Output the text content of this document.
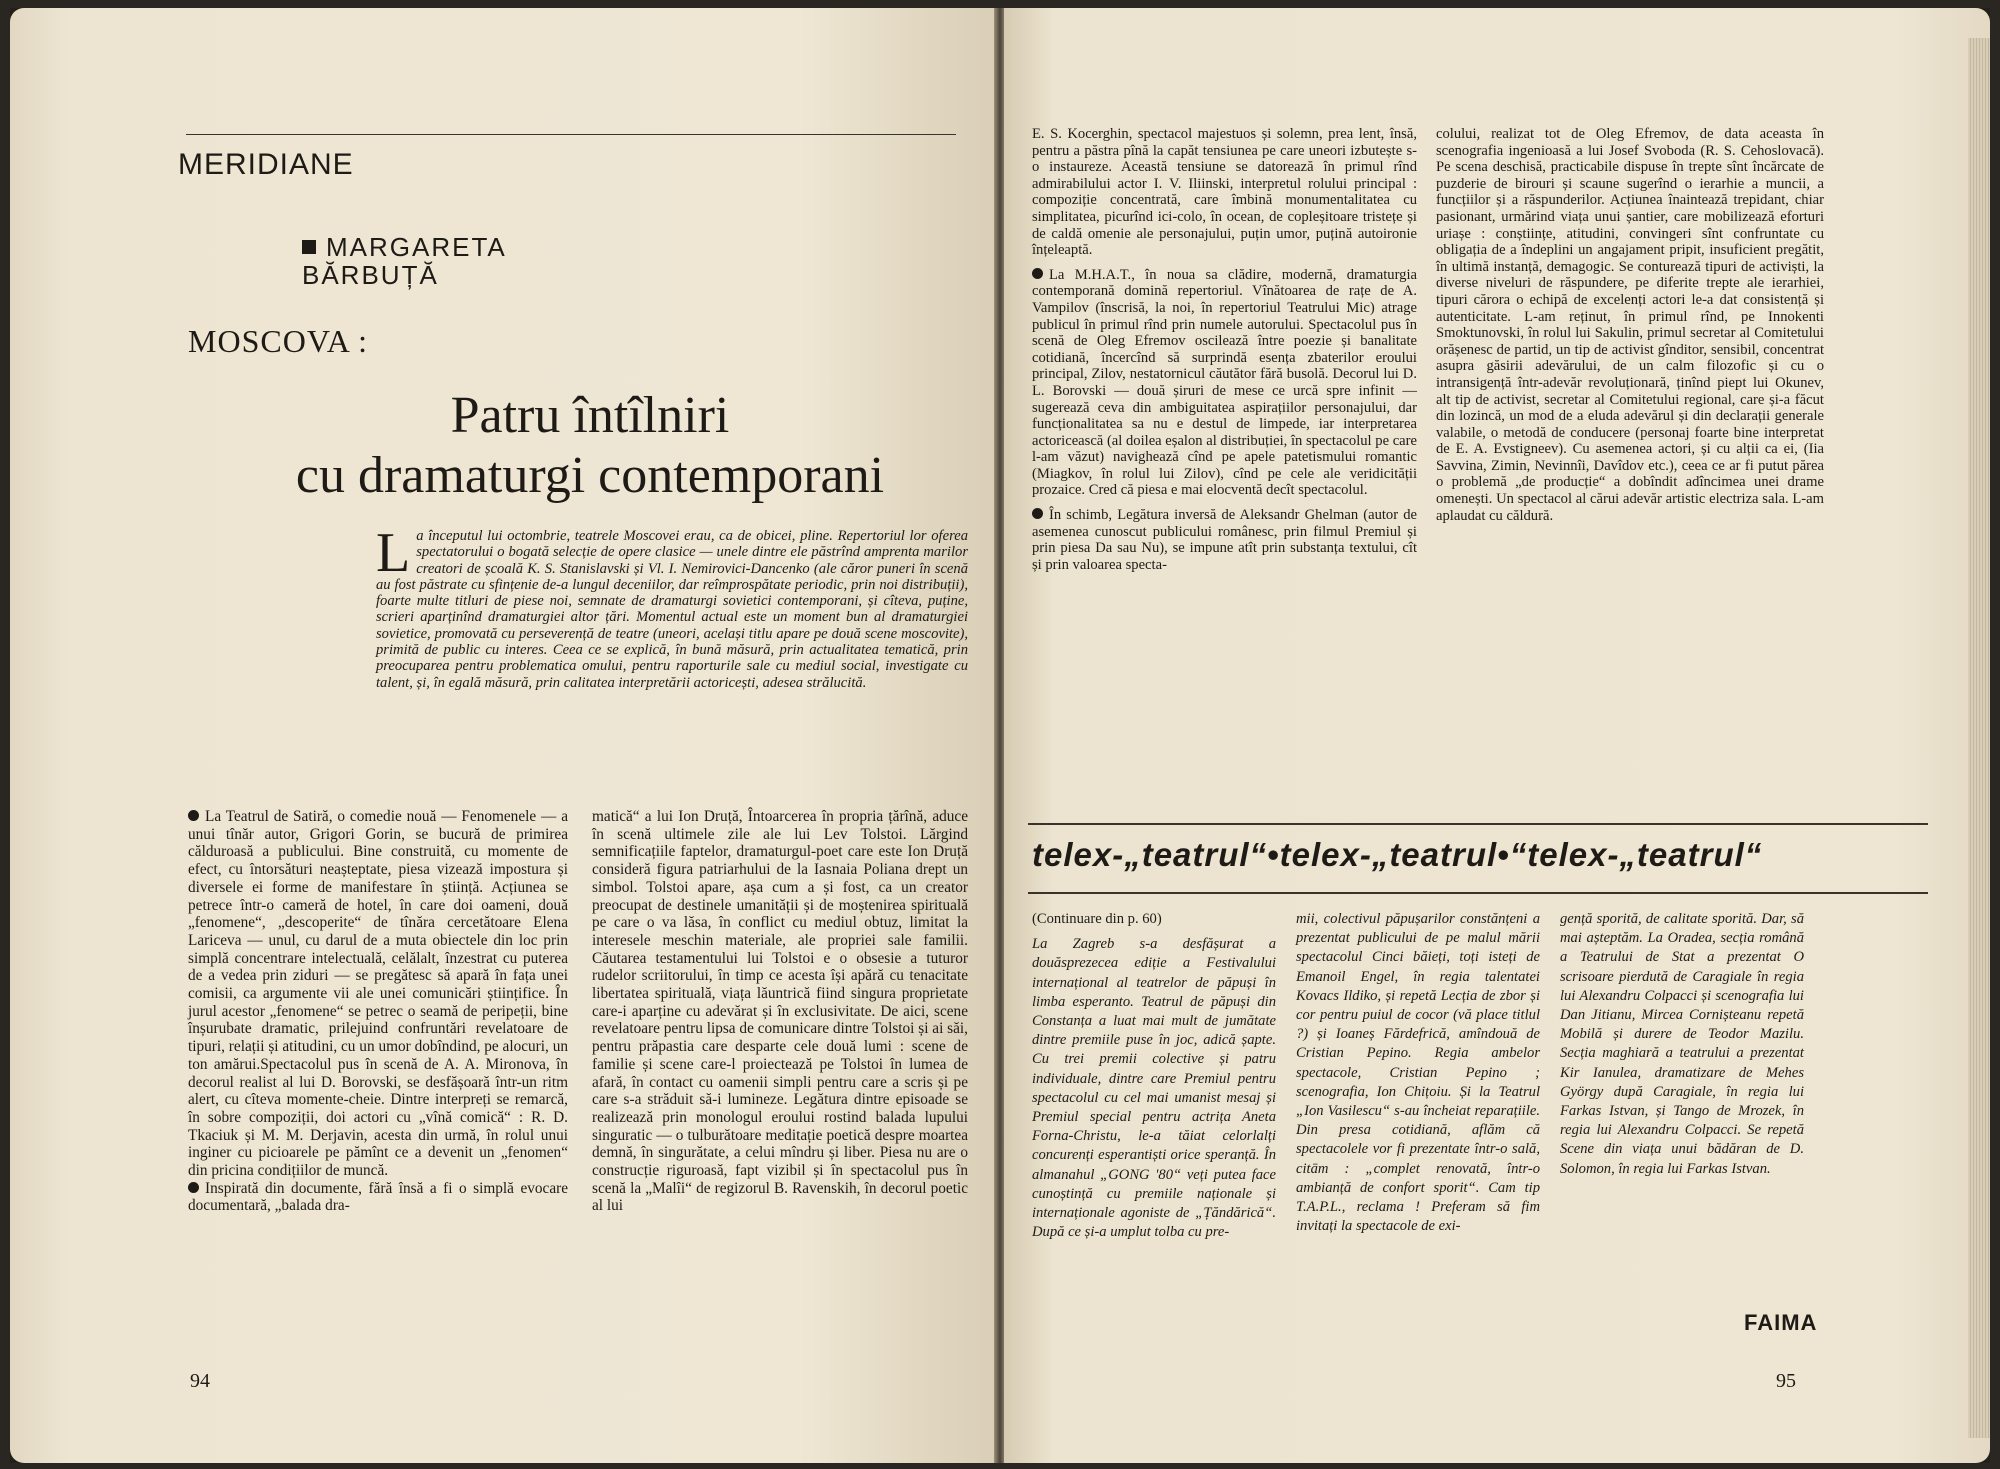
MERIDIANE
MARGARETA
BĂRBUȚĂ
MOSCOVA :
Patru întîlniri
cu dramaturgi contemporani
La începutul lui octombrie, teatrele Moscovei erau, ca de obicei, pline. Repertoriul lor oferea spectatorului o bogată selecție de opere clasice — unele dintre ele păstrînd amprenta marilor creatori de școală K. S. Stanislavski și Vl. I. Nemirovici-Dancenko (ale căror puneri în scenă au fost păstrate cu sfințenie de-a lungul deceniilor, dar reîmprospătate periodic, prin noi distribuții), foarte multe titluri de piese noi, semnate de dramaturgi sovietici contemporani, și cîteva, puține, scrieri aparținînd dramaturgiei altor țări. Momentul actual este un moment bun al dramaturgiei sovietice, promovată cu perseverență de teatre (uneori, același titlu apare pe două scene moscovite), primită de public cu interes. Ceea ce se explică, în bună măsură, prin actualitatea tematică, prin preocuparea pentru problematica omului, pentru raporturile sale cu mediul social, investigate cu talent, și, în egală măsură, prin calitatea interpretării actoricești, adesea strălucită.

La Teatrul de Satiră, o comedie nouă — Fenomenele — a unui tînăr autor, Grigori Gorin, se bucură de primirea călduroasă a publicului. Bine construită, cu momente de efect, cu întorsături neașteptate, piesa vizează impostura și diversele ei forme de manifestare în știință. Acțiunea se petrece într-o cameră de hotel, în care doi oameni, două „fenomene“, „descoperite“ de tînăra cercetătoare Elena Lariceva — unul, cu darul de a muta obiectele din loc prin simplă concentrare intelectuală, celălalt, înzestrat cu puterea de a vedea prin ziduri — se pregătesc să apară în fața unei comisii, ca argumente vii ale unei comunicări științifice. În jurul acestor „fenomene“ se petrec o seamă de peripeții, bine înșurubate dramatic, prilejuind confruntări revelatoare de tipuri, relații și atitudini, cu un umor dobîndind, pe alocuri, un ton amărui.Spectacolul pus în scenă de A. A. Mironova, în decorul realist al lui D. Borovski, se desfășoară într-un ritm alert, cu cîteva momente-cheie. Dintre interpreți se remarcă, în sobre compoziții, doi actori cu „vînă comică“ : R. D. Tkaciuk și M. M. Derjavin, acesta din urmă, în rolul unui inginer cu picioarele pe pămînt ce a devenit un „fenomen“ din pricina condițiilor de muncă.

Inspirată din documente, fără însă a fi o simplă evocare documentară, „balada dra-

matică“ a lui Ion Druță, Întoarcerea în propria țărînă, aduce în scenă ultimele zile ale lui Lev Tolstoi. Lărgind semnificațiile faptelor, dramaturgul-poet care este Ion Druță consideră figura patriarhului de la Iasnaia Poliana drept un simbol. Tolstoi apare, așa cum a și fost, ca un creator preocupat de destinele umanității și de moștenirea spirituală pe care o va lăsa, în conflict cu mediul obtuz, limitat la interesele meschin materiale, ale propriei sale familii. Căutarea testamentului lui Tolstoi e o obsesie a tuturor rudelor scriitorului, în timp ce acesta își apără cu tenacitate libertatea spirituală, viața lăuntrică fiind singura proprietate care-i aparține cu adevărat și în exclusivitate. De aici, scene revelatoare pentru lipsa de comunicare dintre Tolstoi și ai săi, pentru prăpastia care desparte cele două lumi : scene de familie și scene care-l proiectează pe Tolstoi în lumea de afară, în contact cu oamenii simpli pentru care a scris și pe care s-a străduit să-i lumineze. Legătura dintre episoade se realizează prin monologul eroului rostind balada lupului singuratic — o tulburătoare meditație poetică despre moartea demnă, în singurătate, a celui mîndru și liber. Piesa nu are o construcție riguroasă, fapt vizibil și în spectacolul pus în scenă la „Malîi“ de regizorul B. Ravenskih, în decorul poetic al lui

94

E. S. Kocerghin, spectacol majestuos și solemn, prea lent, însă, pentru a păstra pînă la capăt tensiunea pe care uneori izbutește s-o instaureze. Această tensiune se datorează în primul rînd admirabilului actor I. V. Iliinski, interpretul rolului principal : compoziție concentrată, care îmbină monumentalitatea cu simplitatea, picurînd ici-colo, în ocean, de copleșitoare tristețe și de caldă omenie ale personajului, puțin umor, puțină autoironie înțeleaptă.

La M.H.A.T., în noua sa clădire, modernă, dramaturgia contemporană domină repertoriul. Vînătoarea de rațe de A. Vampilov (înscrisă, la noi, în repertoriul Teatrului Mic) atrage publicul în primul rînd prin numele autorului. Spectacolul pus în scenă de Oleg Efremov oscilează între poezie și banalitate cotidiană, încercînd să surprindă esența zbaterilor eroului principal, Zilov, nestatornicul căutător fără busolă. Decorul lui D. L. Borovski — două șiruri de mese ce urcă spre infinit — sugerează ceva din ambiguitatea aspirațiilor personajului, dar funcționalitatea sa nu e destul de limpede, iar interpretarea actoricească (al doilea eșalon al distribuției, în spectacolul pe care l-am văzut) navighează cînd pe apele patetismului romantic (Miagkov, în rolul lui Zilov), cînd pe cele ale veridicității prozaice. Cred că piesa e mai elocventă decît spectacolul.

În schimb, Legătura inversă de Aleksandr Ghelman (autor de asemenea cunoscut publicului românesc, prin filmul Premiul și prin piesa Da sau Nu), se impune atît prin substanța textului, cît și prin valoarea specta-

colului, realizat tot de Oleg Efremov, de data aceasta în scenografia ingenioasă a lui Josef Svoboda (R. S. Cehoslovacă). Pe scena deschisă, practicabile dispuse în trepte sînt încărcate de puzderie de birouri și scaune sugerînd o ierarhie a muncii, a funcțiilor și a răspunderilor. Acțiunea înaintează trepidant, chiar pasionant, urmărind viața unui șantier, care mobilizează eforturi uriașe : conștiințe, atitudini, convingeri sînt confruntate cu obligația de a îndeplini un angajament pripit, insuficient pregătit, în ultimă instanță, demagogic. Se conturează tipuri de activiști, la diverse niveluri de răspundere, pe diferite trepte ale ierarhiei, tipuri cărora o echipă de excelenți actori le-a dat consistență și autenticitate. L-am reținut, în primul rînd, pe Innokenti Smoktunovski, în rolul lui Sakulin, primul secretar al Comitetului orășenesc de partid, un tip de activist gînditor, sensibil, concentrat asupra găsirii adevărului, de un calm filozofic și cu o intransigență într-adevăr revoluționară, ținînd piept lui Okunev, alt tip de activist, secretar al Comitetului regional, care și-a făcut din lozincă, un mod de a eluda adevărul și din declarații generale valabile, o metodă de conducere (personaj foarte bine interpretat de E. A. Evstigneev). Cu asemenea actori, și cu alții ca ei, (Iia Savvina, Zimin, Nevinnîi, Davîdov etc.), ceea ce ar fi putut părea o problemă „de producție“ a dobîndit adîncimea unei drame omenești. Un spectacol al cărui adevăr artistic electriza sala. L-am aplaudat cu căldură.

telex-„teatrul“•telex-„teatrul•“telex-„teatrul“

(Continuare din p. 60)

La Zagreb s-a desfășurat a douăsprezecea ediție a Festivalului internațional al teatrelor de păpuși în limba esperanto. Teatrul de păpuși din Constanța a luat mai mult de jumătate dintre premiile puse în joc, adică șapte. Cu trei premii colective și patru individuale, dintre care Premiul pentru spectacolul cu cel mai umanist mesaj și Premiul special pentru actrița Aneta Forna-Christu, le-a tăiat celorlalți concurenți esperantiști orice speranță. În almanahul „GONG '80“ veți putea face cunoștință cu premiile naționale și internaționale agoniste de „Țăndărică“. După ce și-a umplut tolba cu pre-

mii, colectivul păpușarilor constănțeni a prezentat publicului de pe malul mării spectacolul Cinci băieți, toți isteți de Emanoil Engel, în regia talentatei Kovacs Ildiko, și repetă Lecția de zbor și cor pentru puiul de cocor (vă place titlul ?) și Ioaneș Fărdefrică, amîndouă de Cristian Pepino. Regia ambelor spectacole, Cristian Pepino ; scenografia, Ion Chițoiu. Și la Teatrul „Ion Vasilescu“ s-au încheiat reparațiile. Din presa cotidiană, aflăm că spectacolele vor fi prezentate într-o sală, citām : „complet renovată, într-o ambianță de confort sporit“. Cam tip T.A.P.L., reclama ! Preferam să fim invitați la spectacole de exi-

gență sporită, de calitate sporită. Dar, să mai așteptăm. La Oradea, secția română a Teatrului de Stat a prezentat O scrisoare pierdută de Caragiale în regia lui Alexandru Colpacci și scenografia lui Dan Jitianu, Mircea Cornișteanu repetă Mobilă și durere de Teodor Mazilu. Secția maghiară a teatrului a prezentat Kir Ianulea, dramatizare de Mehes György după Caragiale, în regia lui Farkas Istvan, și Tango de Mrozek, în regia lui Alexandru Colpacci. Se repetă Scene din viața unui bădăran de D. Solomon, în regia lui Farkas Istvan.

FAIMA
95
